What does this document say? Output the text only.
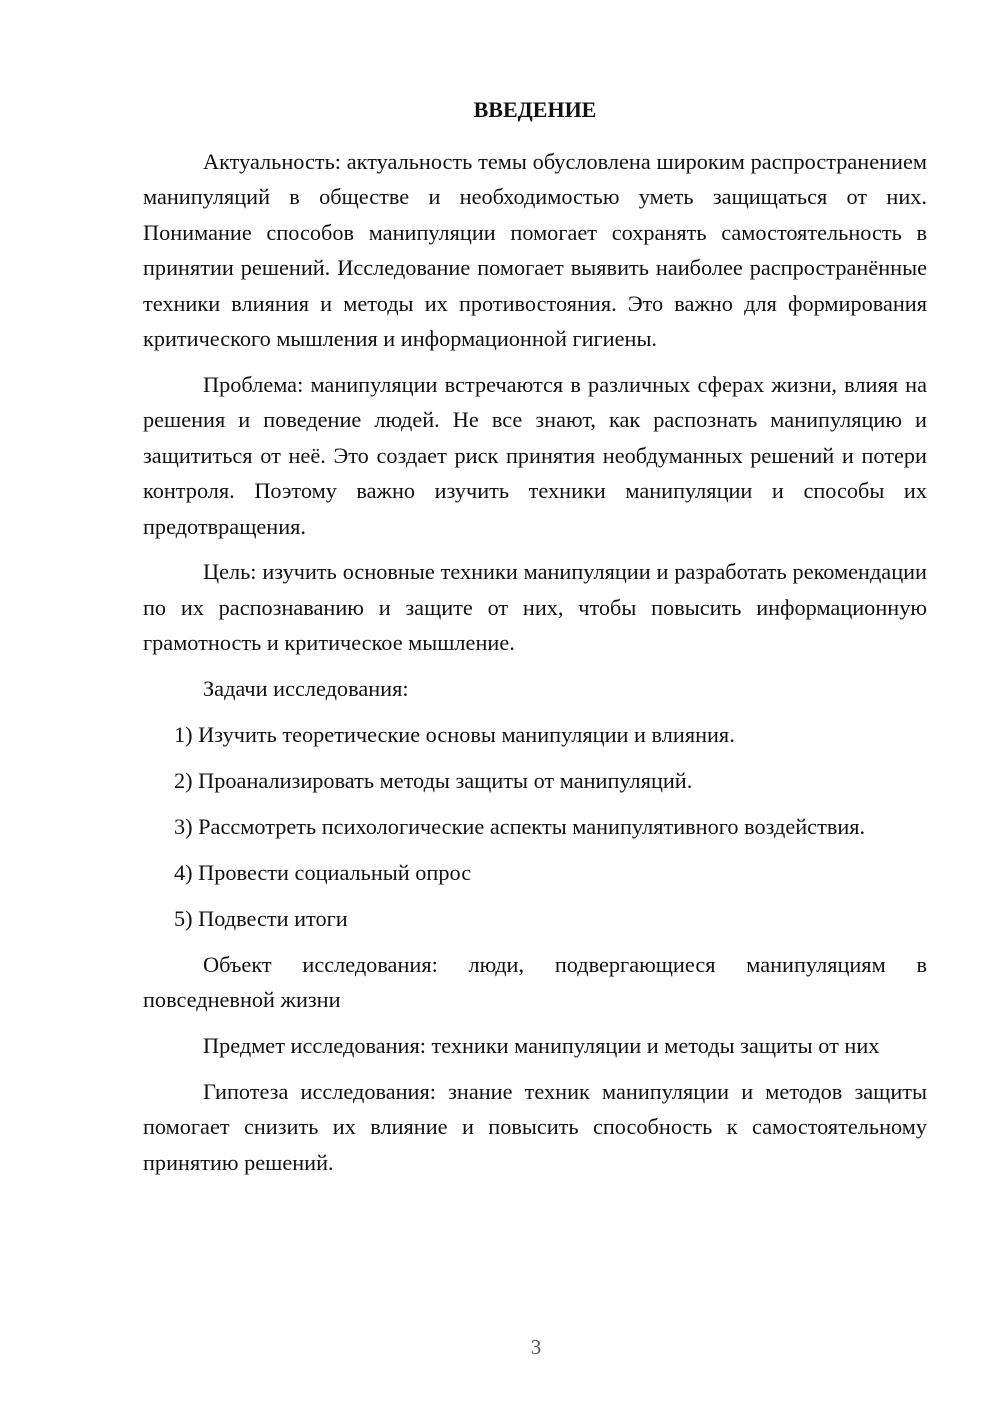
ВВЕДЕНИЕ

Актуальность: актуальность темы обусловлена широким распространением манипуляций в обществе и необходимостью уметь защищаться от них. Понимание способов манипуляции помогает сохранять самостоятельность в принятии решений. Исследование помогает выявить наиболее распространённые техники влияния и методы их противостояния. Это важно для формирования критического мышления и информационной гигиены.

Проблема: манипуляции встречаются в различных сферах жизни, влияя на решения и поведение людей. Не все знают, как распознать манипуляцию и защититься от неё. Это создает риск принятия необдуманных решений и потери контроля. Поэтому важно изучить техники манипуляции и способы их предотвращения.

Цель: изучить основные техники манипуляции и разработать рекомендации по их распознаванию и защите от них, чтобы повысить информационную грамотность и критическое мышление.

Задачи исследования:

1) Изучить теоретические основы манипуляции и влияния.

2) Проанализировать методы защиты от манипуляций.

3) Рассмотреть психологические аспекты манипулятивного воздействия.

4) Провести социальный опрос

5) Подвести итоги

Объект исследования: люди, подвергающиеся манипуляциям в повседневной жизни

Предмет исследования: техники манипуляции и методы защиты от них

Гипотеза исследования: знание техник манипуляции и методов защиты помогает снизить их влияние и повысить способность к самостоятельному принятию решений.

3
